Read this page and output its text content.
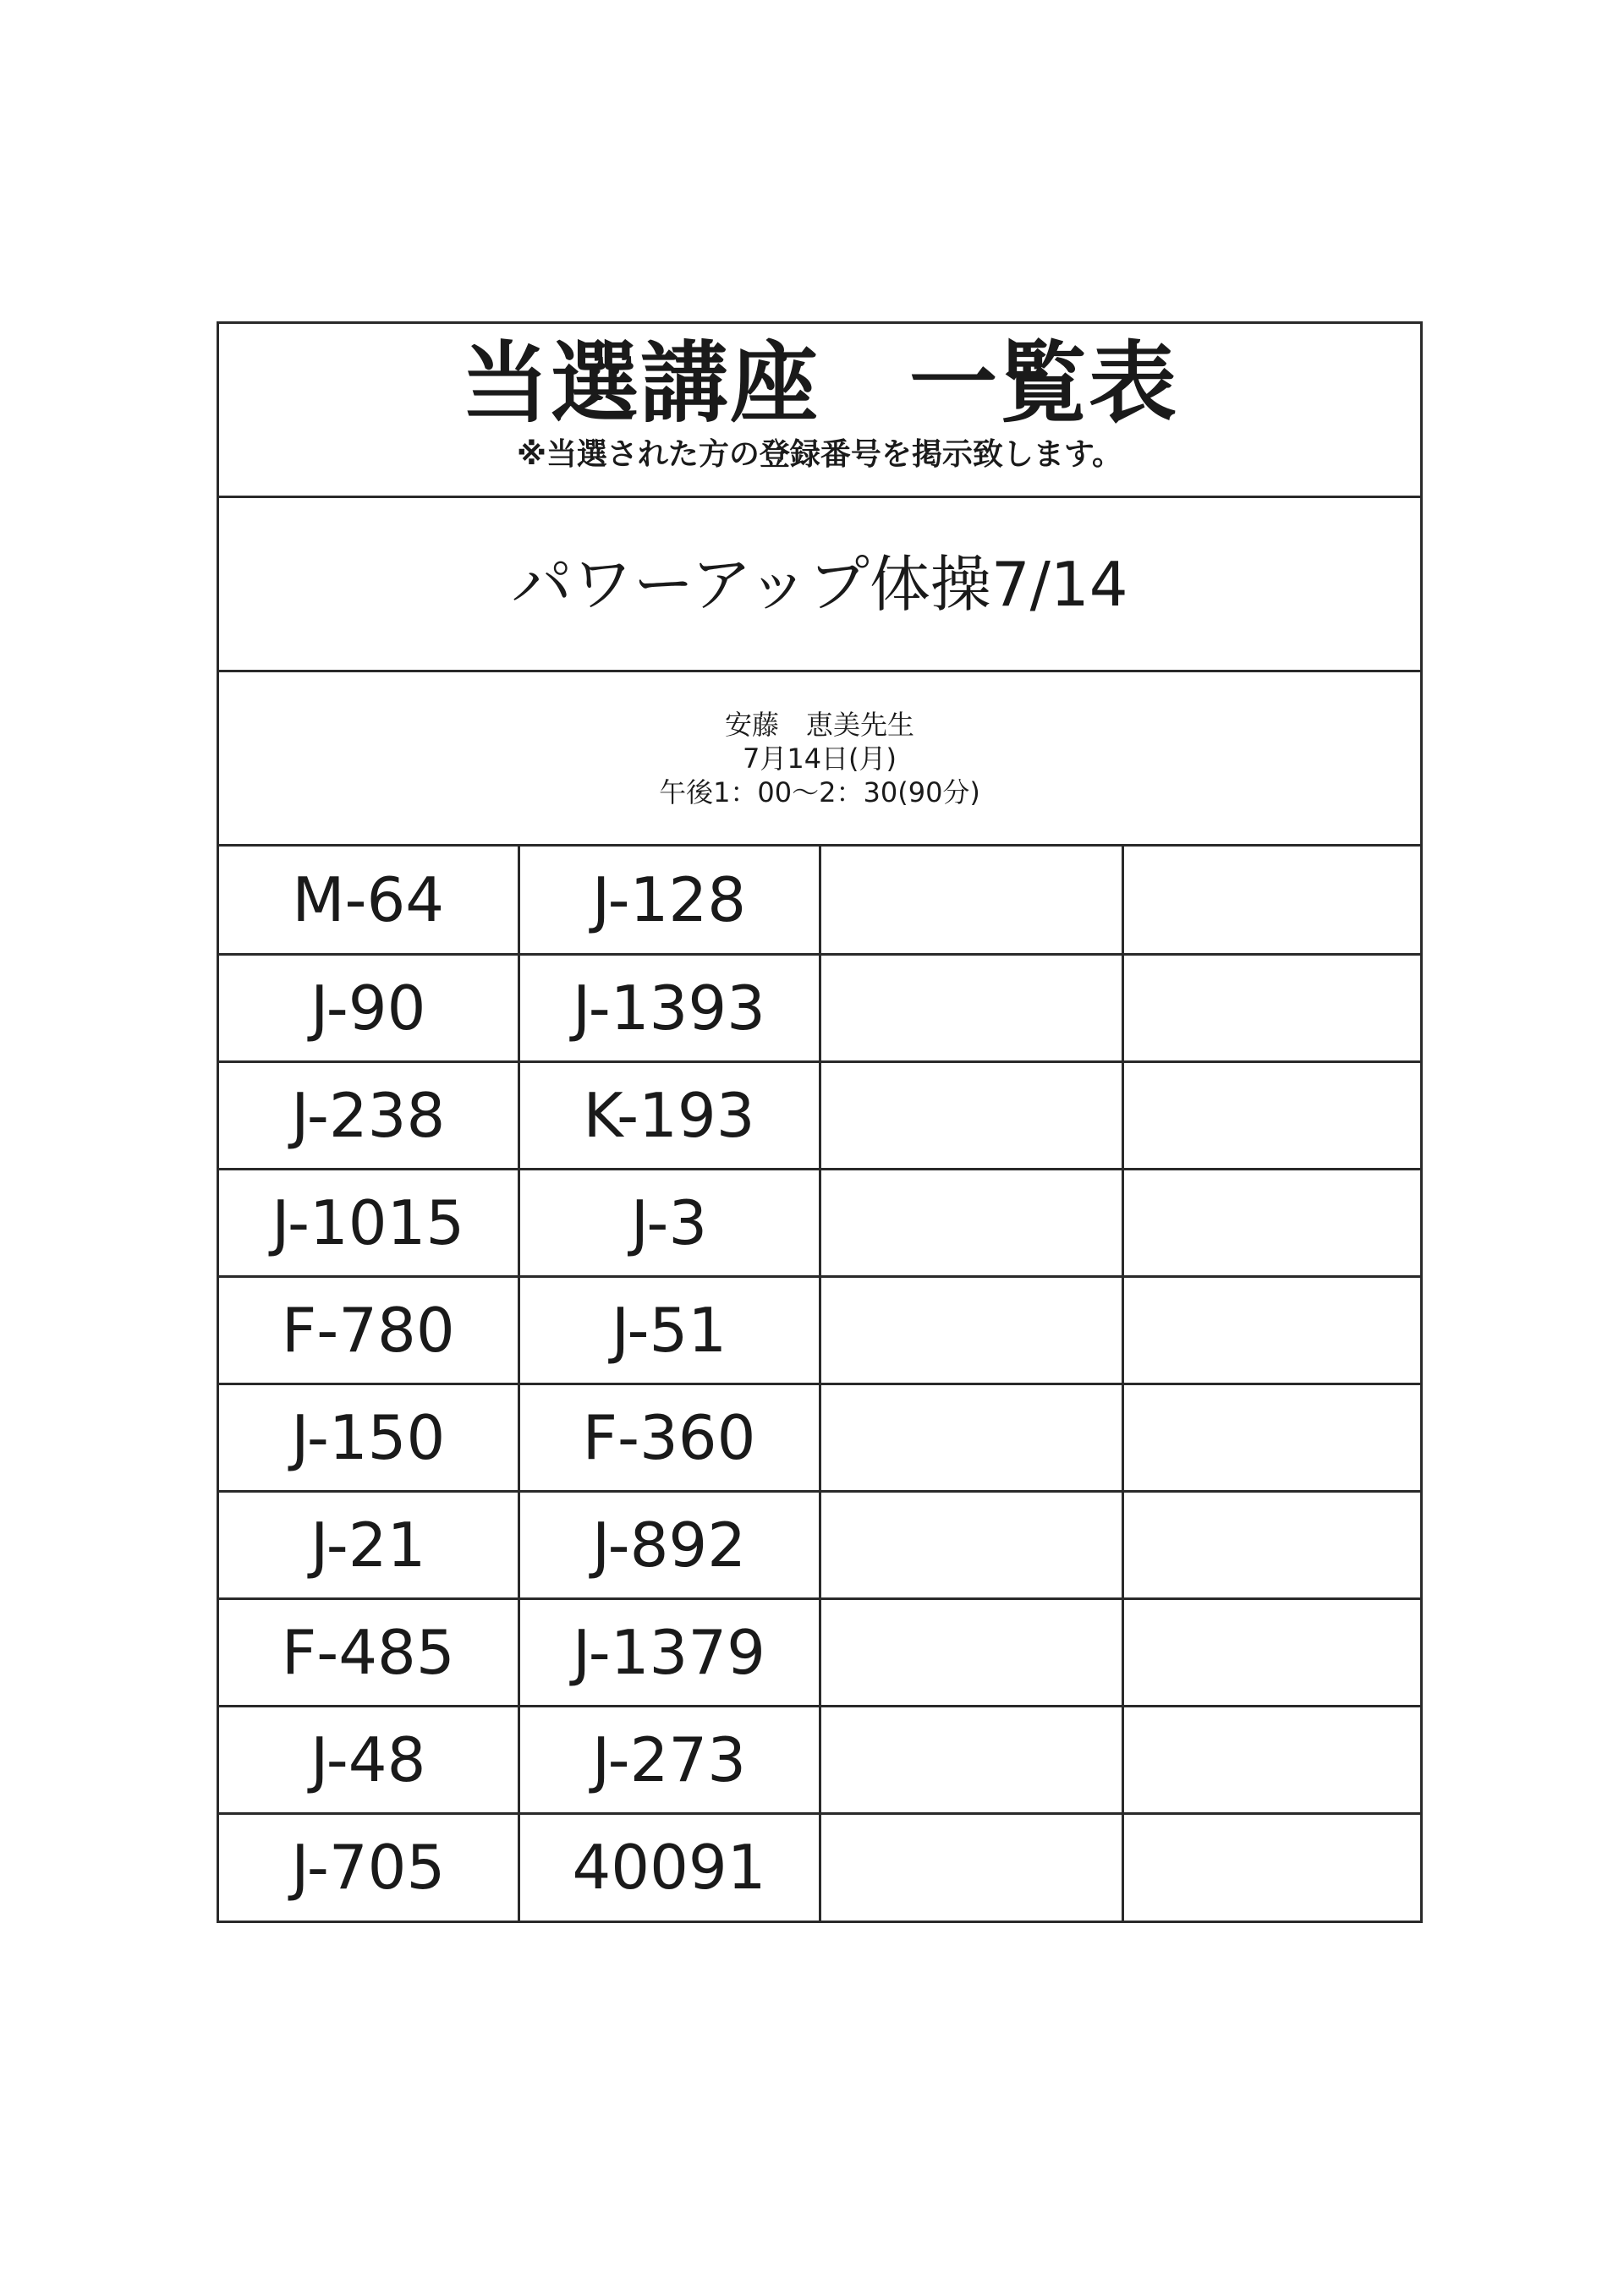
当選講座　一覧表
※当選された方の登録番号を掲示致します。
パワーアップ体操7/14
安藤　恵美先生
7月14日(月)
午後1：00～2：30(90分)
M-64	J-128		
J-90	J-1393		
J-238	K-193		
J-1015	J-3		
F-780	J-51		
J-150	F-360		
J-21	J-892		
F-485	J-1379		
J-48	J-273		
J-705	40091		
